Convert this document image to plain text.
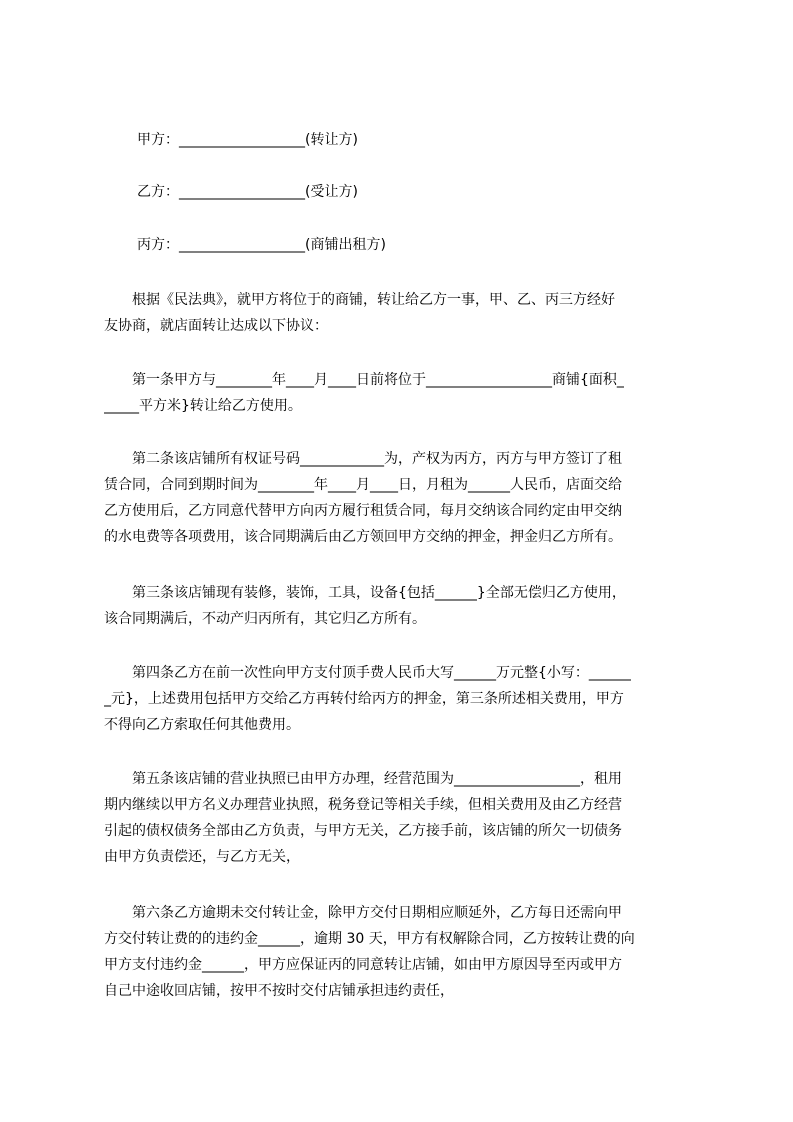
甲方：__________________(转让方)
乙方：__________________(受让方)
丙方：__________________(商铺出租方)
　　根据《民法典》，就甲方将位于的商铺，转让给乙方一事，甲、乙、丙三方经好
友协商，就店面转让达成以下协议：
　　第一条甲方与________年____月____日前将位于__________________商铺{面积_
_____平方米}转让给乙方使用。
　　第二条该店铺所有权证号码____________为，产权为丙方，丙方与甲方签订了租
赁合同，合同到期时间为________年____月____日，月租为______人民币，店面交给
乙方使用后，乙方同意代替甲方向丙方履行租赁合同，每月交纳该合同约定由甲交纳
的水电费等各项费用，该合同期满后由乙方领回甲方交纳的押金，押金归乙方所有。
　　第三条该店铺现有装修，装饰，工具，设备{包括______}全部无偿归乙方使用，
该合同期满后，不动产归丙所有，其它归乙方所有。
　　第四条乙方在前一次性向甲方支付顶手费人民币大写______万元整{小写：______
_元}，上述费用包括甲方交给乙方再转付给丙方的押金，第三条所述相关费用，甲方
不得向乙方索取任何其他费用。
　　第五条该店铺的营业执照已由甲方办理，经营范围为__________________，租用
期内继续以甲方名义办理营业执照，税务登记等相关手续，但相关费用及由乙方经营
引起的债权债务全部由乙方负责，与甲方无关，乙方接手前，该店铺的所欠一切债务
由甲方负责偿还，与乙方无关，
　　第六条乙方逾期未交付转让金，除甲方交付日期相应顺延外，乙方每日还需向甲
方交付转让费的的违约金______，逾期 30 天，甲方有权解除合同，乙方按转让费的向
甲方支付违约金______，甲方应保证丙的同意转让店铺，如由甲方原因导至丙或甲方
自己中途收回店铺，按甲不按时交付店铺承担违约责任，
